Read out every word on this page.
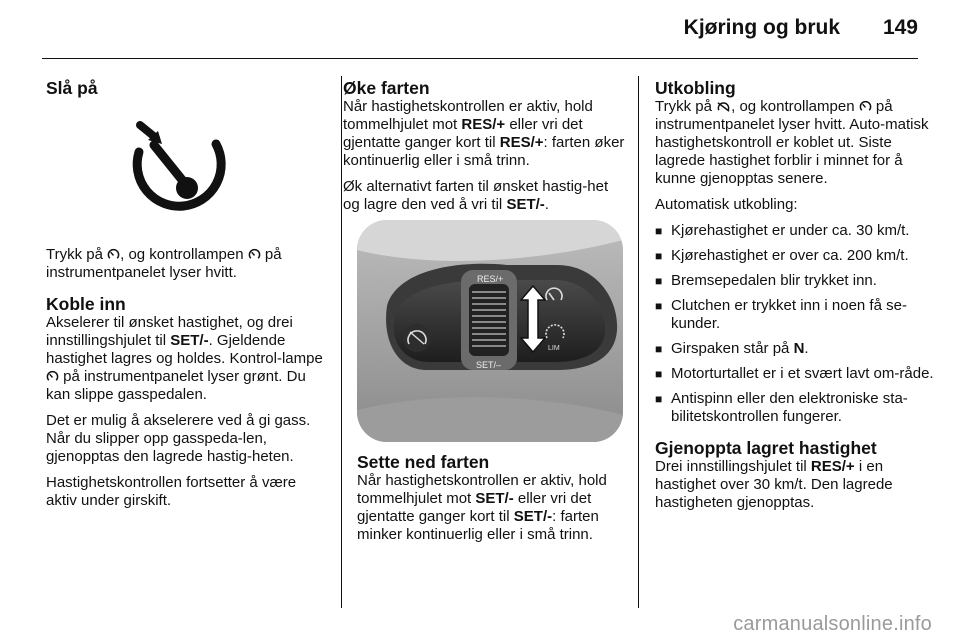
Kjøring og bruk 149
Slå på

Trykk på , og kontrollampen  på instrumentpanelet lyser hvitt.

Koble inn

Akselerer til ønsket hastighet, og drei innstillingshjulet til SET/-. Gjeldende hastighet lagres og holdes. Kontrol-lampe  på instrumentpanelet lyser grønt. Du kan slippe gasspedalen.

Det er mulig å akselerere ved å gi gass. Når du slipper opp gasspeda-len, gjenopptas den lagrede hastig-heten.

Hastighetskontrollen fortsetter å være aktiv under girskift.

Øke farten

Når hastighetskontrollen er aktiv, hold tommelhjulet mot RES/+ eller vri det gjentatte ganger kort til RES/+: farten øker kontinuerlig eller i små trinn.

Øk alternativt farten til ønsket hastig-het og lagre den ved å vri til SET/-.

RES/+
SET/–
LIM
Sette ned farten

Når hastighetskontrollen er aktiv, hold tommelhjulet mot SET/- eller vri det gjentatte ganger kort til SET/-: farten minker kontinuerlig eller i små trinn.

Utkobling

Trykk på , og kontrollampen  på instrumentpanelet lyser hvitt. Auto-matisk hastighetskontroll er koblet ut. Siste lagrede hastighet forblir i minnet for å kunne gjenopptas senere.

Automatisk utkobling:

■ Kjørehastighet er under ca. 30 km/t.
■ Kjørehastighet er over ca. 200 km/t.
■ Bremsepedalen blir trykket inn.
■ Clutchen er trykket inn i noen få se-kunder.
■ Girspaken står på N.
■ Motorturtallet er i et svært lavt om-råde.
■ Antispinn eller den elektroniske sta-bilitetskontrollen fungerer.
Gjenoppta lagret hastighet

Drei innstillingshjulet til RES/+ i en hastighet over 30 km/t. Den lagrede hastigheten gjenopptas.

carmanualsonline.info
